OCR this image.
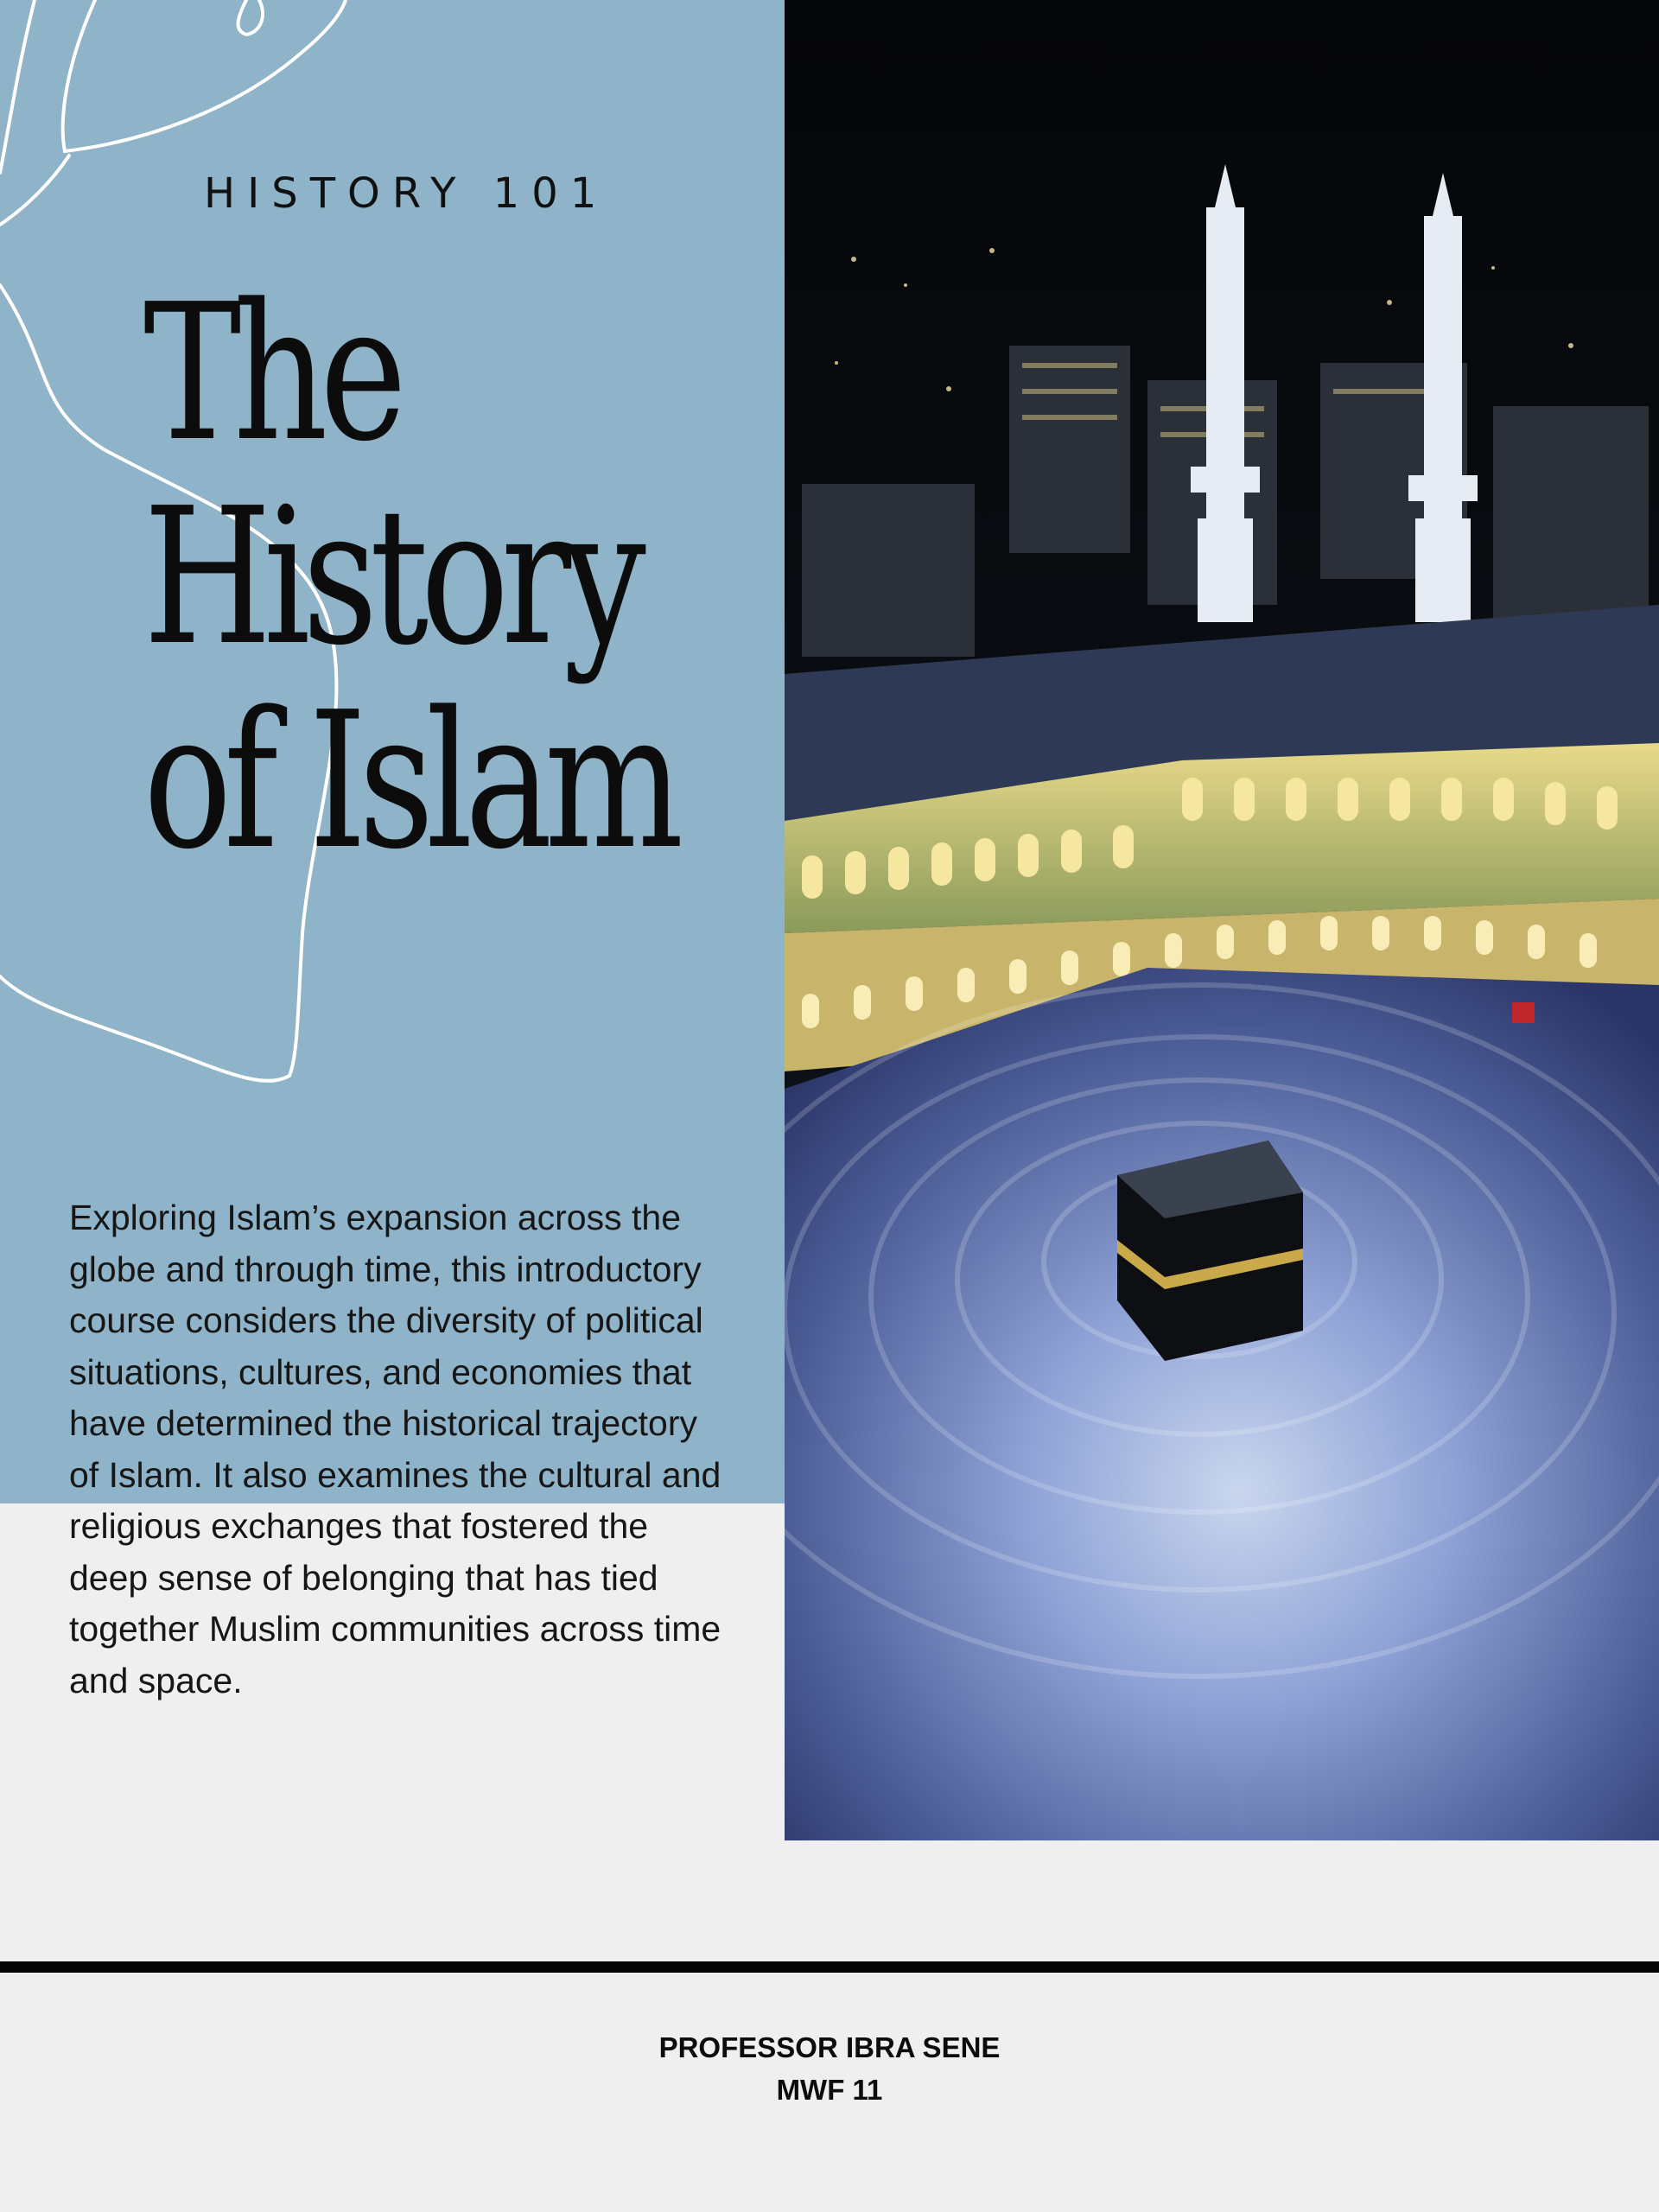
HISTORY 101
The
History
of Islam

Exploring Islam’s expansion across the globe and through time, this introductory course considers the diversity of political situations, cultures, and economies that have determined the historical trajectory of Islam. It also examines the cultural and religious exchanges that fostered the deep sense of belonging that has tied together Muslim communities across time and space.

PROFESSOR IBRA SENE
MWF 11
